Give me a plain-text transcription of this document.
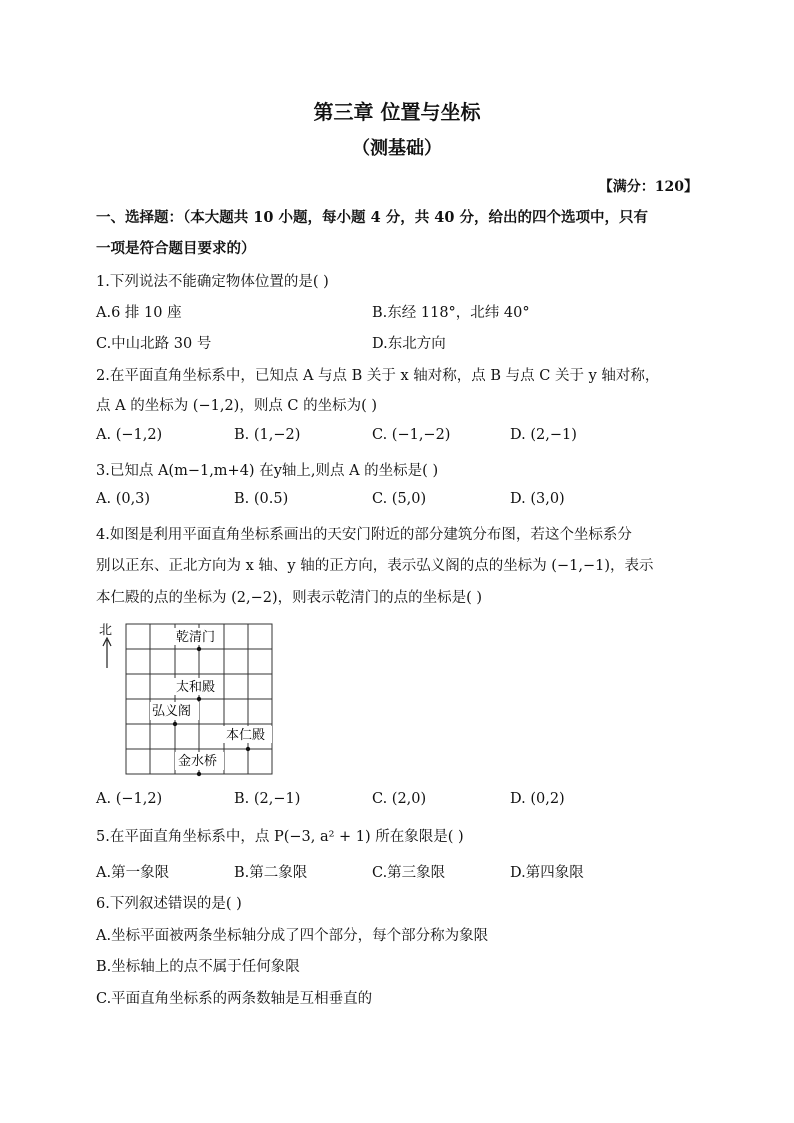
第三章 位置与坐标
（测基础）
【满分：120】
一、选择题：（本大题共 10 小题，每小题 4 分，共 40 分，给出的四个选项中，只有
一项是符合题目要求的）
1.下列说法不能确定物体位置的是( )
A.6 排 10 座	B.东经 118°，北纬 40°
C.中山北路 30 号	D.东北方向
2.在平面直角坐标系中，已知点 A 与点 B 关于 x 轴对称，点 B 与点 C 关于 y 轴对称，
点 A 的坐标为 (−1,2)，则点 C 的坐标为( )
A. (−1,2)	B. (1,−2)	C. (−1,−2)	D. (2,−1)
3.已知点 A(m−1,m+4) 在y轴上,则点 A 的坐标是( )
A. (0,3)	B. (0.5)	C. (5,0)	D. (3,0)
4.如图是利用平面直角坐标系画出的天安门附近的部分建筑分布图，若这个坐标系分
别以正东、正北方向为 x 轴、y 轴的正方向，表示弘义阁的点的坐标为 (−1,−1)，表示
本仁殿的点的坐标为 (2,−2)，则表示乾清门的点的坐标是( )
北	乾清门
太和殿
弘义阁
本仁殿
金水桥
A. (−1,2)	B. (2,−1)	C. (2,0)	D. (0,2)
5.在平面直角坐标系中，点 P(−3, a² + 1) 所在象限是( )
A.第一象限	B.第二象限	C.第三象限	D.第四象限
6.下列叙述错误的是( )
A.坐标平面被两条坐标轴分成了四个部分，每个部分称为象限
B.坐标轴上的点不属于任何象限
C.平面直角坐标系的两条数轴是互相垂直的
